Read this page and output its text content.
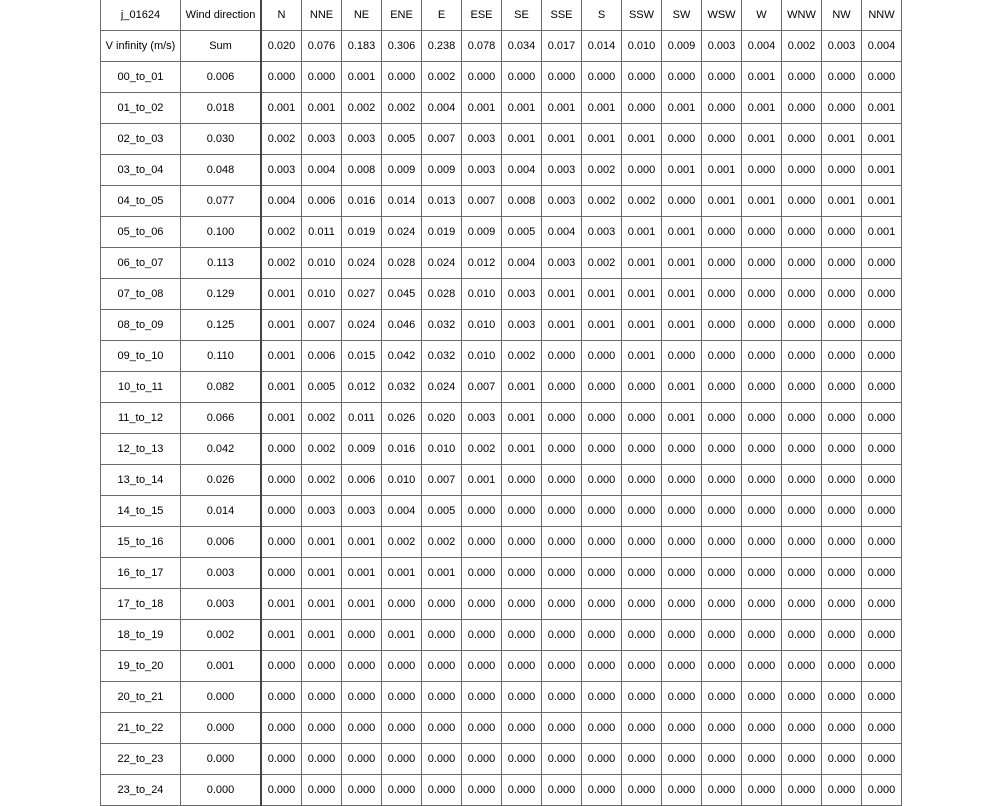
j_01624	Wind direction	N	NNE	NE	ENE	E	ESE	SE	SSE	S	SSW	SW	WSW	W	WNW	NW	NNW
V infinity (m/s)	Sum	0.020	0.076	0.183	0.306	0.238	0.078	0.034	0.017	0.014	0.010	0.009	0.003	0.004	0.002	0.003	0.004
00_to_01	0.006	0.000	0.000	0.001	0.000	0.002	0.000	0.000	0.000	0.000	0.000	0.000	0.000	0.001	0.000	0.000	0.000
01_to_02	0.018	0.001	0.001	0.002	0.002	0.004	0.001	0.001	0.001	0.001	0.000	0.001	0.000	0.001	0.000	0.000	0.001
02_to_03	0.030	0.002	0.003	0.003	0.005	0.007	0.003	0.001	0.001	0.001	0.001	0.000	0.000	0.001	0.000	0.001	0.001
03_to_04	0.048	0.003	0.004	0.008	0.009	0.009	0.003	0.004	0.003	0.002	0.000	0.001	0.001	0.000	0.000	0.000	0.001
04_to_05	0.077	0.004	0.006	0.016	0.014	0.013	0.007	0.008	0.003	0.002	0.002	0.000	0.001	0.001	0.000	0.001	0.001
05_to_06	0.100	0.002	0.011	0.019	0.024	0.019	0.009	0.005	0.004	0.003	0.001	0.001	0.000	0.000	0.000	0.000	0.001
06_to_07	0.113	0.002	0.010	0.024	0.028	0.024	0.012	0.004	0.003	0.002	0.001	0.001	0.000	0.000	0.000	0.000	0.000
07_to_08	0.129	0.001	0.010	0.027	0.045	0.028	0.010	0.003	0.001	0.001	0.001	0.001	0.000	0.000	0.000	0.000	0.000
08_to_09	0.125	0.001	0.007	0.024	0.046	0.032	0.010	0.003	0.001	0.001	0.001	0.001	0.000	0.000	0.000	0.000	0.000
09_to_10	0.110	0.001	0.006	0.015	0.042	0.032	0.010	0.002	0.000	0.000	0.001	0.000	0.000	0.000	0.000	0.000	0.000
10_to_11	0.082	0.001	0.005	0.012	0.032	0.024	0.007	0.001	0.000	0.000	0.000	0.001	0.000	0.000	0.000	0.000	0.000
11_to_12	0.066	0.001	0.002	0.011	0.026	0.020	0.003	0.001	0.000	0.000	0.000	0.001	0.000	0.000	0.000	0.000	0.000
12_to_13	0.042	0.000	0.002	0.009	0.016	0.010	0.002	0.001	0.000	0.000	0.000	0.000	0.000	0.000	0.000	0.000	0.000
13_to_14	0.026	0.000	0.002	0.006	0.010	0.007	0.001	0.000	0.000	0.000	0.000	0.000	0.000	0.000	0.000	0.000	0.000
14_to_15	0.014	0.000	0.003	0.003	0.004	0.005	0.000	0.000	0.000	0.000	0.000	0.000	0.000	0.000	0.000	0.000	0.000
15_to_16	0.006	0.000	0.001	0.001	0.002	0.002	0.000	0.000	0.000	0.000	0.000	0.000	0.000	0.000	0.000	0.000	0.000
16_to_17	0.003	0.000	0.001	0.001	0.001	0.001	0.000	0.000	0.000	0.000	0.000	0.000	0.000	0.000	0.000	0.000	0.000
17_to_18	0.003	0.001	0.001	0.001	0.000	0.000	0.000	0.000	0.000	0.000	0.000	0.000	0.000	0.000	0.000	0.000	0.000
18_to_19	0.002	0.001	0.001	0.000	0.001	0.000	0.000	0.000	0.000	0.000	0.000	0.000	0.000	0.000	0.000	0.000	0.000
19_to_20	0.001	0.000	0.000	0.000	0.000	0.000	0.000	0.000	0.000	0.000	0.000	0.000	0.000	0.000	0.000	0.000	0.000
20_to_21	0.000	0.000	0.000	0.000	0.000	0.000	0.000	0.000	0.000	0.000	0.000	0.000	0.000	0.000	0.000	0.000	0.000
21_to_22	0.000	0.000	0.000	0.000	0.000	0.000	0.000	0.000	0.000	0.000	0.000	0.000	0.000	0.000	0.000	0.000	0.000
22_to_23	0.000	0.000	0.000	0.000	0.000	0.000	0.000	0.000	0.000	0.000	0.000	0.000	0.000	0.000	0.000	0.000	0.000
23_to_24	0.000	0.000	0.000	0.000	0.000	0.000	0.000	0.000	0.000	0.000	0.000	0.000	0.000	0.000	0.000	0.000	0.000
